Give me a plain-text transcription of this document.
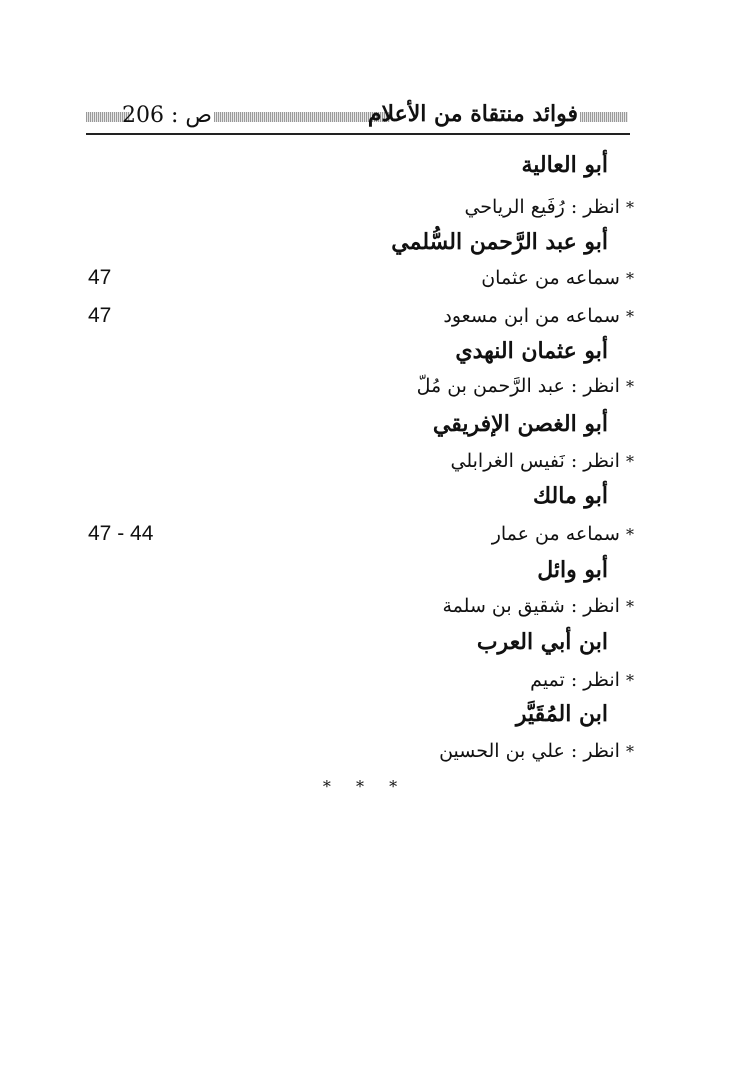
ص : 206	فوائد منتقاة من الأعلام
أبو العالية
* انظر : رُفَيع الرياحي
أبو عبد الرَّحمن السُّلمي
* سماعه من عثمان
47
* سماعه من ابن مسعود
47
أبو عثمان النهدي
* انظر : عبد الرَّحمن بن مُلّ
أبو الغصن الإفريقي
* انظر : نَفيس الغرابلي
أبو مالك
* سماعه من عمار
47 - 44
أبو وائل
* انظر : شقيق بن سلمة
ابن أبي العرب
* انظر : تميم
ابن المُقَيَّر
* انظر : علي بن الحسين
* * *
